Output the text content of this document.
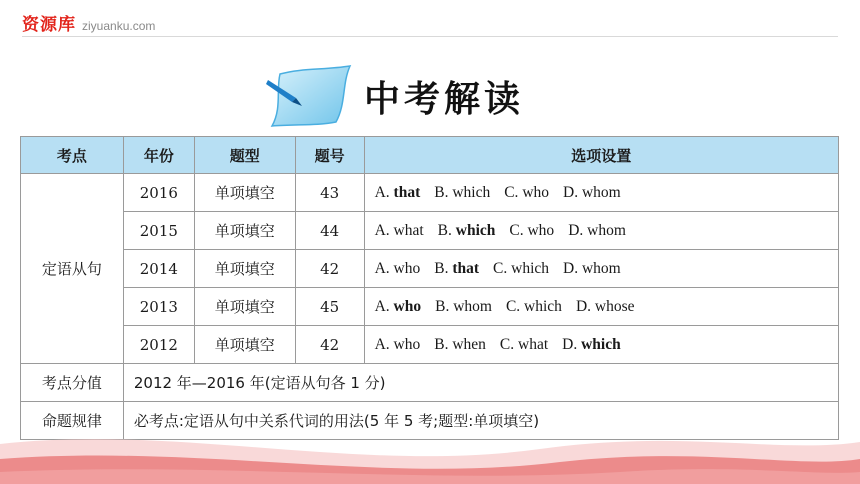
资源库 ziyuanku.com
中考解读
考点	年份	题型	题号	选项设置
定语从句	2016	单项填空	43	A. that B. which C. who D. whom
	2015	单项填空	44	A. what B. which C. who D. whom
	2014	单项填空	42	A. who B. that C. which D. whom
	2013	单项填空	45	A. who B. whom C. which D. whose
	2012	单项填空	42	A. who B. when C. what D. which
考点分值	2012 年—2016 年(定语从句各 1 分)			
命题规律	必考点:定语从句中关系代词的用法(5 年 5 考;题型:单项填空)			
